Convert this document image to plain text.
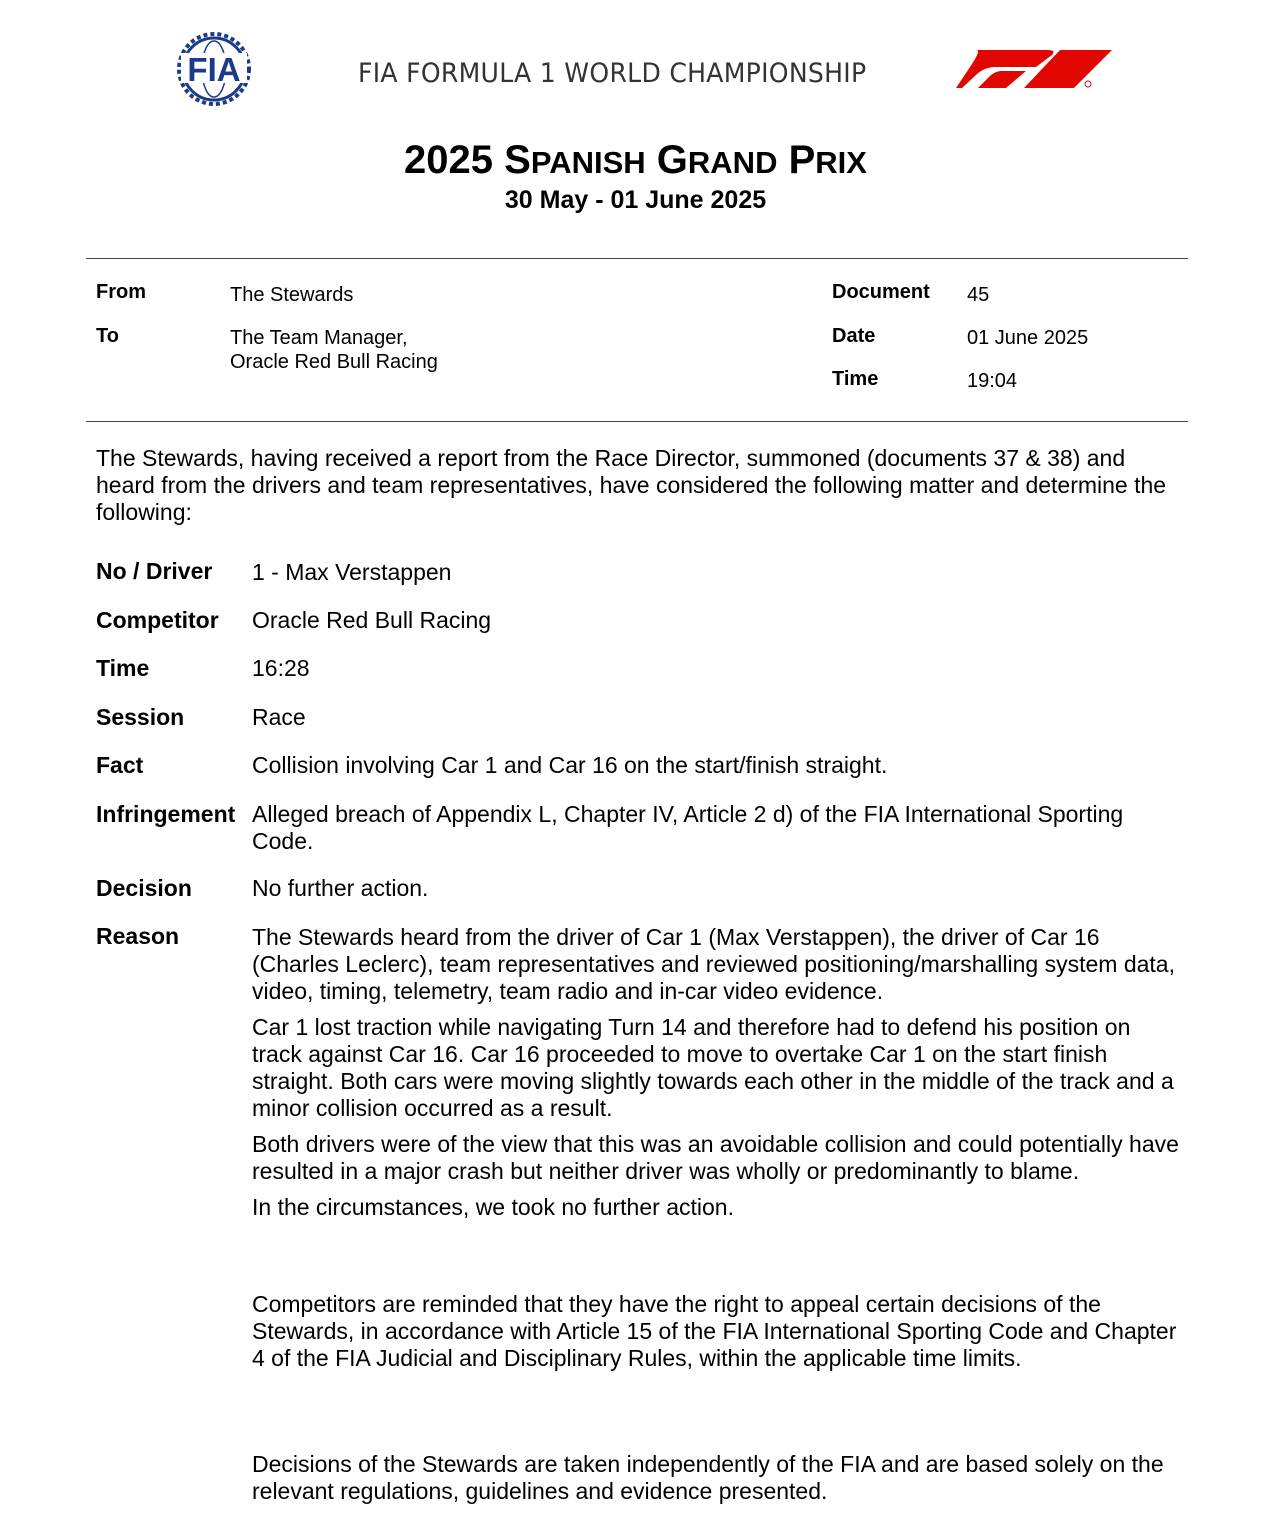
FIA	FIA FORMULA 1 WORLD CHAMPIONSHIP
2025 SPANISH GRAND PRIX
30 May - 01 June 2025
From	The Stewards
To	The Team Manager,
Oracle Red Bull Racing
Document 45
Date	01 June 2025
Time	19:04
The Stewards, having received a report from the Race Director, summoned (documents 37 & 38) and heard from the drivers and team representatives, have considered the following matter and determine the following:
No / Driver 1 - Max Verstappen
Competitor Oracle Red Bull Racing
Time	16:28
Session	Race
Fact	Collision involving Car 1 and Car 16 on the start/finish straight.
Infringement Alleged breach of Appendix L, Chapter IV, Article 2 d) of the FIA International Sporting Code.
Decision	No further action.
Reason	The Stewards heard from the driver of Car 1 (Max Verstappen), the driver of Car 16 (Charles Leclerc), team representatives and reviewed positioning/marshalling system data, video, timing, telemetry, team radio and in-car video evidence.

Car 1 lost traction while navigating Turn 14 and therefore had to defend his position on track against Car 16. Car 16 proceeded to move to overtake Car 1 on the start finish straight. Both cars were moving slightly towards each other in the middle of the track and a minor collision occurred as a result.

Both drivers were of the view that this was an avoidable collision and could potentially have resulted in a major crash but neither driver was wholly or predominantly to blame.

In the circumstances, we took no further action.

Competitors are reminded that they have the right to appeal certain decisions of the Stewards, in accordance with Article 15 of the FIA International Sporting Code and Chapter 4 of the FIA Judicial and Disciplinary Rules, within the applicable time limits.
Decisions of the Stewards are taken independently of the FIA and are based solely on the relevant regulations, guidelines and evidence presented.
